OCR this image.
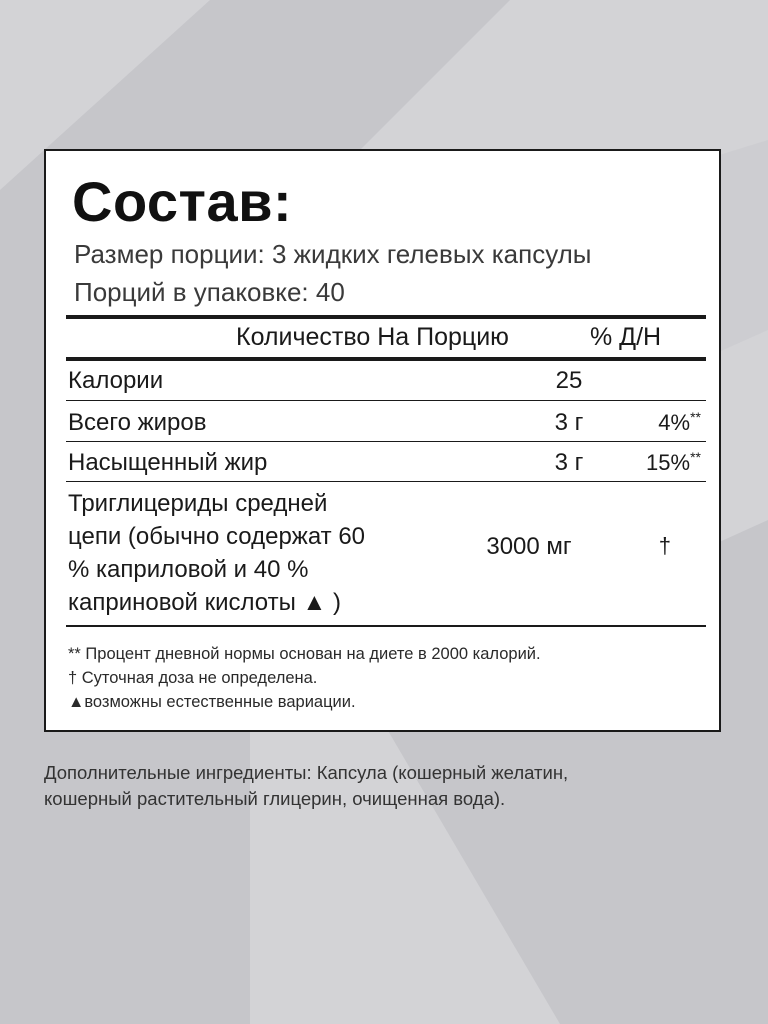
Состав:
Размер порции: 3 жидких гелевых капсулы
Порций в упаковке: 40
Количество На Порцию	% Д/Н
Калории	25
Всего жиров	3 г	4%**
Насыщенный жир	3 г	15%**
Триглицериды средней
цепи (обычно содержат 60
% каприловой и 40 %
каприновой кислоты ▲ )
3000 мг	†
** Процент дневной нормы основан на диете в 2000 калорий.
† Суточная доза не определена.
▲возможны естественные вариации.
Дополнительные ингредиенты: Капсула (кошерный желатин,
кошерный растительный глицерин, очищенная вода).
